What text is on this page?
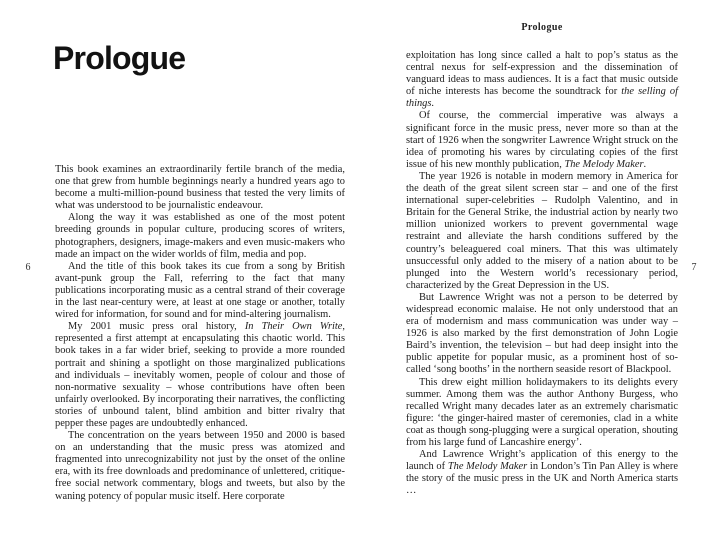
6
Prologue

This book examines an extraordinarily fertile branch of the media, one that grew from humble beginnings nearly a hundred years ago to become a multi-million-pound business that tested the very limits of what was understood to be journalistic endeavour.

Along the way it was established as one of the most potent breeding grounds in popular culture, producing scores of writers, photographers, designers, image-makers and even music-makers who made an impact on the wider worlds of film, media and pop.

And the title of this book takes its cue from a song by British avant-punk group the Fall, referring to the fact that many publications incorporating music as a central strand of their coverage in the last near-century were, at least at one stage or another, totally wired for information, for sound and for mind-altering journalism.

My 2001 music press oral history, In Their Own Write, represented a first attempt at encapsulating this chaotic world. This book takes in a far wider brief, seeking to provide a more rounded portrait and shining a spotlight on those marginalized publications and individuals – inevitably women, people of colour and those of non-normative sexuality – whose contributions have often been unfairly overlooked. By incorporating their narratives, the conflicting stories of unbound talent, blind ambition and bitter rivalry that pepper these pages are undoubtedly enhanced.

The concentration on the years between 1950 and 2000 is based on an understanding that the music press was atomized and fragmented into unrecognizability not just by the onset of the online era, with its free downloads and predominance of unlettered, critique-free social network commentary, blogs and tweets, but also by the waning potency of popular music itself. Here corporate

Prologue
7

exploitation has long since called a halt to pop’s status as the central nexus for self-expression and the dissemination of vanguard ideas to mass audiences. It is a fact that music outside of niche interests has become the soundtrack for the selling of things.

Of course, the commercial imperative was always a significant force in the music press, never more so than at the start of 1926 when the songwriter Lawrence Wright struck on the idea of promoting his wares by circulating copies of the first issue of his new monthly publication, The Melody Maker.

The year 1926 is notable in modern memory in America for the death of the great silent screen star – and one of the first international super-celebrities – Rudolph Valentino, and in Britain for the General Strike, the industrial action by nearly two million unionized workers to prevent governmental wage restraint and alleviate the harsh conditions suffered by the country’s beleaguered coal miners. That this was ultimately unsuccessful only added to the misery of a nation about to be plunged into the Western world’s recessionary period, characterized by the Great Depression in the US.

But Lawrence Wright was not a person to be deterred by widespread economic malaise. He not only understood that an era of modernism and mass communication was under way – 1926 is also marked by the first demonstration of John Logie Baird’s invention, the television – but had deep insight into the public appetite for popular music, as a prominent host of so-called ‘song booths’ in the northern seaside resort of Blackpool.

This drew eight million holidaymakers to its delights every summer. Among them was the author Anthony Burgess, who recalled Wright many decades later as an extremely charismatic figure: ‘the ginger-haired master of ceremonies, clad in a white coat as though song-plugging were a surgical operation, shouting from his large fund of Lancashire energy’.

And Lawrence Wright’s application of this energy to the launch of The Melody Maker in London’s Tin Pan Alley is where the story of the music press in the UK and North America starts …
